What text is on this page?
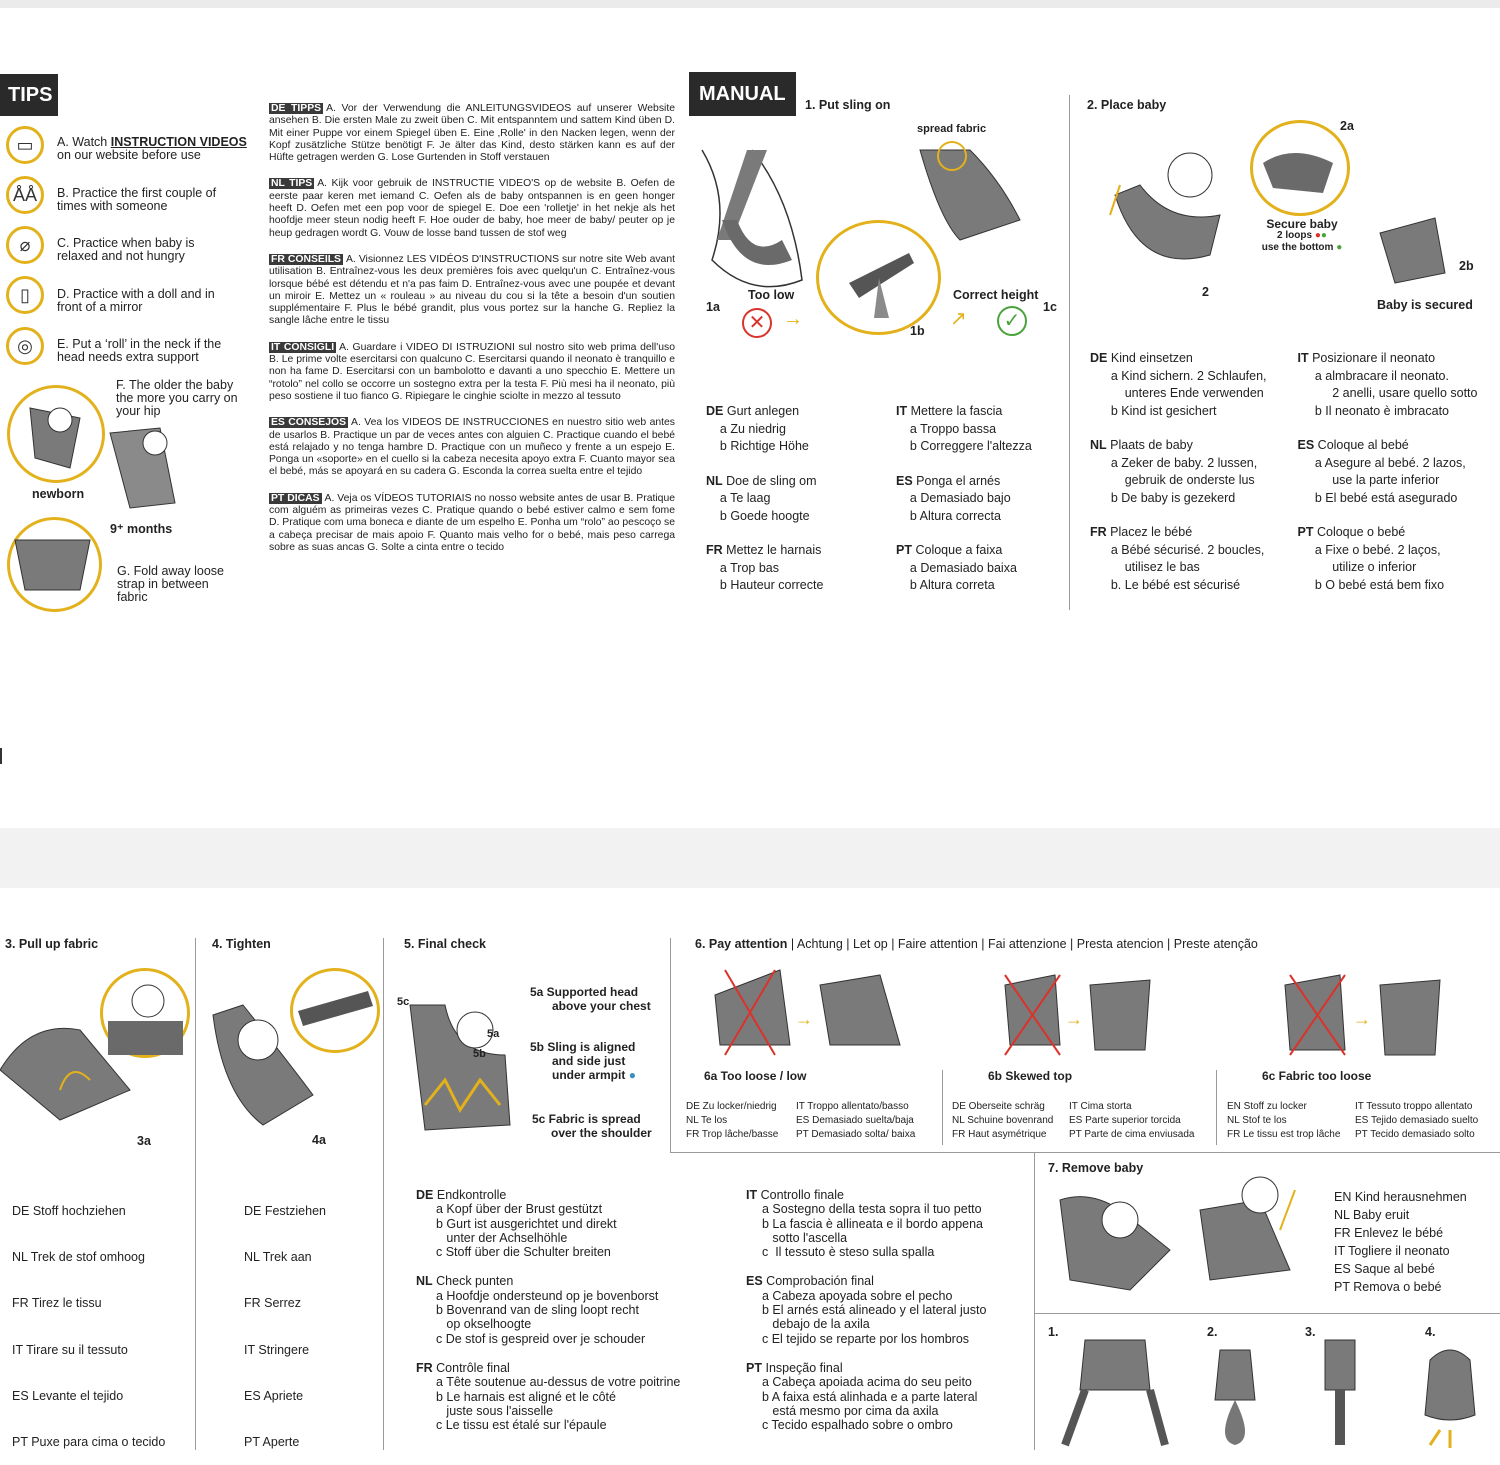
TIPS
▭	A. Watch INSTRUCTION VIDEOS
on our website before use
ÅÅ	B. Practice the first couple of times with someone
⌀	C. Practice when baby is relaxed and not hungry
▯	D. Practice with a doll and in front of a mirror
◎	E. Put a ‘roll’ in the neck if the head needs extra support
F. The older the baby the more you carry on your hip
newborn
9⁺ months
G. Fold away loose strap in between fabric
DE TIPPS A. Vor der Verwendung die ANLEITUNGSVIDEOS auf unserer Website ansehen B. Die ersten Male zu zweit üben C. Mit entspanntem und sattem Kind üben D. Mit einer Puppe vor einem Spiegel üben E. Eine ‚Rolle' in den Nacken legen, wenn der Kopf zusätzliche Stütze benötigt F. Je älter das Kind, desto stärken kann es auf der Hüfte getragen werden G. Lose Gurtenden in Stoff verstauen
NL TIPS A. Kijk voor gebruik de INSTRUCTIE VIDEO'S op de website B. Oefen de eerste paar keren met iemand C. Oefen als de baby ontspannen is en geen honger heeft D. Oefen met een pop voor de spiegel E. Doe een 'rolletje' in het nekje als het hoofdje meer steun nodig heeft F. Hoe ouder de baby, hoe meer de baby/ peuter op je heup gedragen wordt G. Vouw de losse band tussen de stof weg
FR CONSEILS A. Visionnez LES VIDÉOS D'INSTRUCTIONS sur notre site Web avant utilisation B. Entraînez-vous les deux premières fois avec quelqu'un C. Entraînez-vous lorsque bébé est détendu et n'a pas faim D. Entraînez-vous avec une poupée et devant un miroir E. Mettez un « rouleau » au niveau du cou si la tête a besoin d'un soutien supplémentaire F. Plus le bébé grandit, plus vous portez sur la hanche G. Repliez la sangle lâche entre le tissu
IT CONSIGLI A. Guardare i VIDEO DI ISTRUZIONI sul nostro sito web prima dell'uso B. Le prime volte esercitarsi con qualcuno C. Esercitarsi quando il neonato è tranquillo e non ha fame D. Esercitarsi con un bambolotto e davanti a uno specchio E. Mettere un “rotolo” nel collo se occorre un sostegno extra per la testa F. Più mesi ha il neonato, più peso sostiene il tuo fianco G. Ripiegare le cinghie sciolte in mezzo al tessuto
ES CONSEJOS A. Vea los VIDEOS DE INSTRUCCIONES en nuestro sitio web antes de usarlos B. Practique un par de veces antes con alguien C. Practique cuando el bebé está relajado y no tenga hambre D. Practique con un muñeco y frente a un espejo E. Ponga un «soporte» en el cuello si la cabeza necesita apoyo extra F. Cuanto mayor sea el bebé, más se apoyará en su cadera G. Esconda la correa suelta entre el tejido
PT DICAS A. Veja os VÍDEOS TUTORIAIS no nosso website antes de usar B. Pratique com alguém as primeiras vezes C. Pratique quando o bebé estiver calmo e sem fome D. Pratique com uma boneca e diante de um espelho E. Ponha um “rolo” ao pescoço se a cabeça precisar de mais apoio F. Quanto mais velho for o bebé, mais peso carrega sobre as suas ancas G. Solte a cinta entre o tecido
MANUAL	1. Put sling on
spread fabric
Too low	Correct height
1a
1b
1c
✕ →	✓
↗
DE Gurt anlegen
a Zu niedrig
b Richtige Höhe
IT Mettere la fascia
a Troppo bassa
b Correggere l'altezza
NL Doe de sling om
a Te laag
b Goede hoogte
ES Ponga el arnés
a Demasiado bajo
b Altura correcta
FR Mettez le harnais
a Trop bas
b Hauteur correcte
PT Coloque a faixa
a Demasiado baixa
b Altura correta
2. Place baby
2
2a
Secure baby
2 loops ●●
use the bottom ●
2b
Baby is secured
DE Kind einsetzen
a Kind sichern. 2 Schlaufen,
unteres Ende verwenden
b Kind ist gesichert
IT Posizionare il neonato
a almbracare il neonato.
2 anelli, usare quello sotto
b Il neonato è imbracato
NL Plaats de baby
a Zeker de baby. 2 lussen,
gebruik de onderste lus
b De baby is gezekerd
ES Coloque al bebé
a Asegure al bebé. 2 lazos,
use la parte inferior
b El bebé está asegurado
FR Placez le bébé
a Bébé sécurisé. 2 boucles,
utilisez le bas
b. Le bébé est sécurisé
PT Coloque o bebé
a Fixe o bebé. 2 laços,
utilize o inferior
b O bebé está bem fixo
3. Pull up fabric
3a
4. Tighten
4a
5. Final check
5c
5a
5b
5a Supported head
above your chest
5b Sling is aligned
and side just
under armpit ●
5c Fabric is spread
over the shoulder
6. Pay attention | Achtung | Let op | Faire attention | Fai attenzione | Presta atencion | Preste atenção
→
6a Too loose / low
→
6b Skewed top
→
6c Fabric too loose
DE Zu locker/niedrig	IT Troppo allentato/basso
NL Te los	ES Demasiado suelta/baja
FR Trop lâche/basse	PT Demasiado solta/ baixa
DE Oberseite schräg	IT Cima storta
NL Schuine bovenrand	ES Parte superior torcida
FR Haut asymétrique	PT Parte de cima enviusada
EN Stoff zu locker	IT Tessuto troppo allentato
NL Stof te los	ES Tejido demasiado suelto
FR Le tissu est trop lâche	PT Tecido demasiado solto
DE Stoff hochziehen
NL Trek de stof omhoog
FR Tirez le tissu
IT Tirare su il tessuto
ES Levante el tejido
PT Puxe para cima o tecido
DE Festziehen
NL Trek aan
FR Serrez
IT Stringere
ES Apriete
PT Aperte
DE Endkontrolle
a Kopf über der Brust gestützt
b Gurt ist ausgerichtet und direkt
unter der Achselhöhle
c Stoff über die Schulter breiten
IT Controllo finale
a Sostegno della testa sopra il tuo petto
b La fascia è allineata e il bordo appena
sotto l'ascella
c  Il tessuto è steso sulla spalla
NL Check punten
a Hoofdje ondersteund op je bovenborst
b Bovenrand van de sling loopt recht
op okselhoogte
c De stof is gespreid over je schouder
ES Comprobación final
a Cabeza apoyada sobre el pecho
b El arnés está alineado y el lateral justo
debajo de la axila
c El tejido se reparte por los hombros
FR Contrôle final
a Tête soutenue au-dessus de votre poitrine
b Le harnais est aligné et le côté
juste sous l'aisselle
c Le tissu est étalé sur l'épaule
PT Inspeção final
a Cabeça apoiada acima do seu peito
b A faixa está alinhada e a parte lateral
está mesmo por cima da axila
c Tecido espalhado sobre o ombro
7. Remove baby
EN Kind herausnehmen
NL Baby eruit
FR Enlevez le bébé
IT Togliere il neonato
ES Saque al bebé
PT Remova o bebé
1.	2.	3.	4.
